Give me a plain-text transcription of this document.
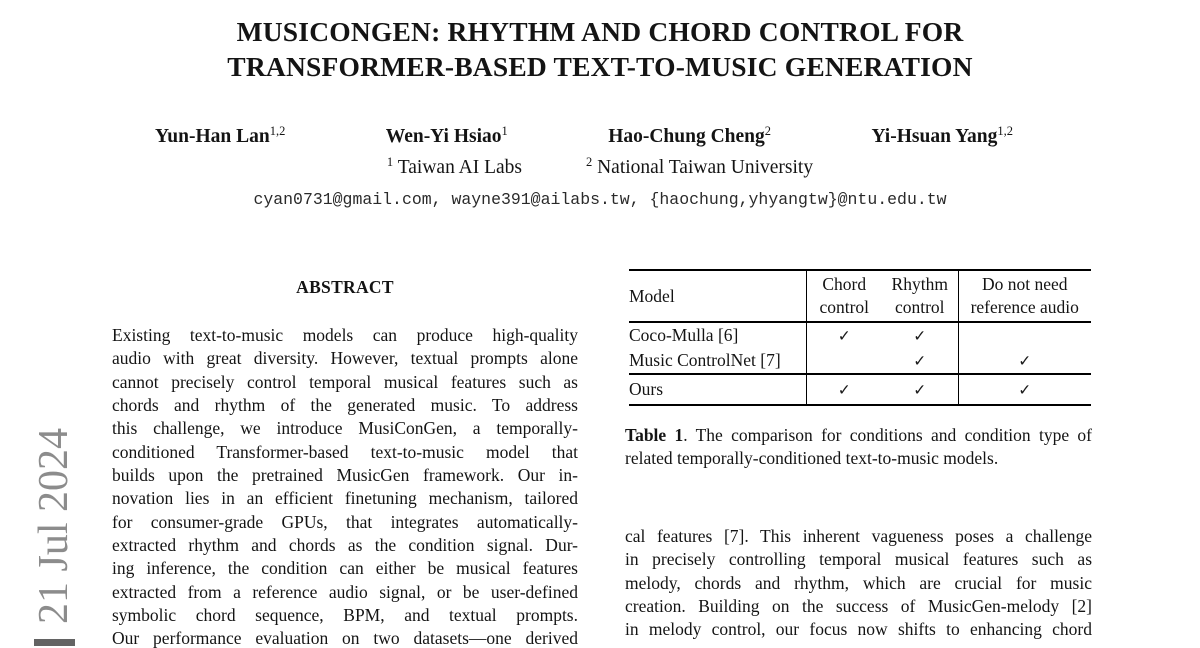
21 Jul 2024
MUSICONGEN: RHYTHM AND CHORD CONTROL FOR
TRANSFORMER-BASED TEXT-TO-MUSIC GENERATION
Yun-Han Lan$^{1,2}$	Wen-Yi Hsiao$^1$	Hao-Chung Cheng$^2$	Yi-Hsuan Yang$^{1,2}$
$^1$ Taiwan AI Labs	$^2$ National Taiwan University
cyan0731@gmail.com, wayne391@ailabs.tw, {haochung,yhyangtw}@ntu.edu.tw
ABSTRACT
Existing text-to-music models can produce high-quality
audio with great diversity. However, textual prompts alone
cannot precisely control temporal musical features such as
chords and rhythm of the generated music. To address
this challenge, we introduce MusiConGen, a temporally-
conditioned Transformer-based text-to-music model that
builds upon the pretrained MusicGen framework. Our in-
novation lies in an efficient finetuning mechanism, tailored
for consumer-grade GPUs, that integrates automatically-
extracted rhythm and chords as the condition signal. Dur-
ing inference, the condition can either be musical features
extracted from a reference audio signal, or be user-defined
symbolic chord sequence, BPM, and textual prompts.
Our performance evaluation on two datasets—one derived
Model	Chord control	Rhythm control	Do not need reference audio
Coco-Mulla [6]	✓	✓	
Music ControlNet [7]		✓	✓
Ours	✓	✓	✓
Table 1. The comparison for conditions and condition type of related temporally-conditioned text-to-music models.
cal features [7]. This inherent vagueness poses a challenge
in precisely controlling temporal musical features such as
melody, chords and rhythm, which are crucial for music
creation. Building on the success of MusicGen-melody [2]
in melody control, our focus now shifts to enhancing chord
